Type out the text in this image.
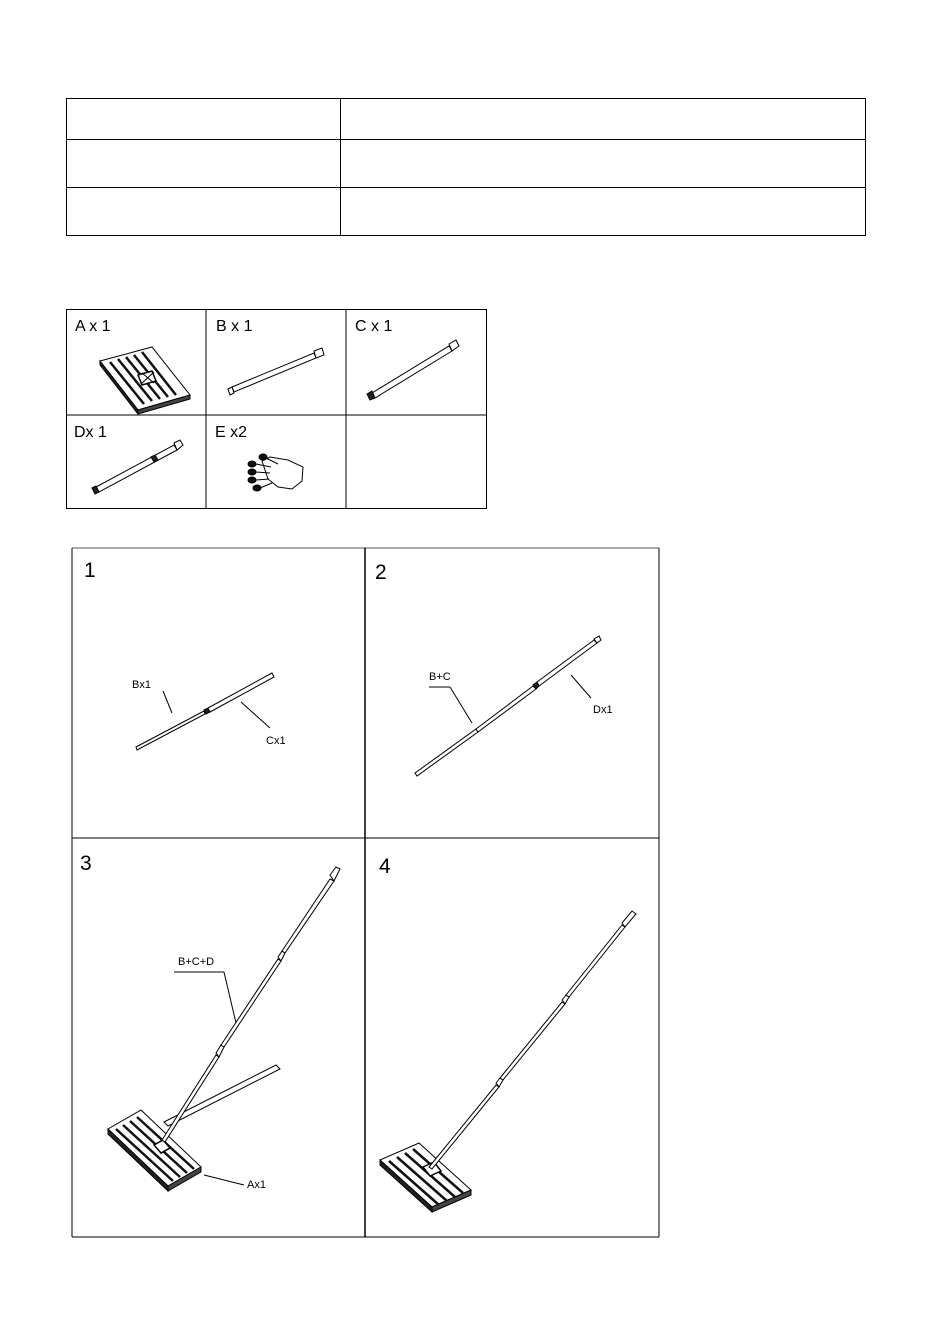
A x 1	B x 1	C x 1
Dx 1	E x2
1	2
3	4
Bx1
Cx1
B+C
Dx1
B+C+D
Ax1
